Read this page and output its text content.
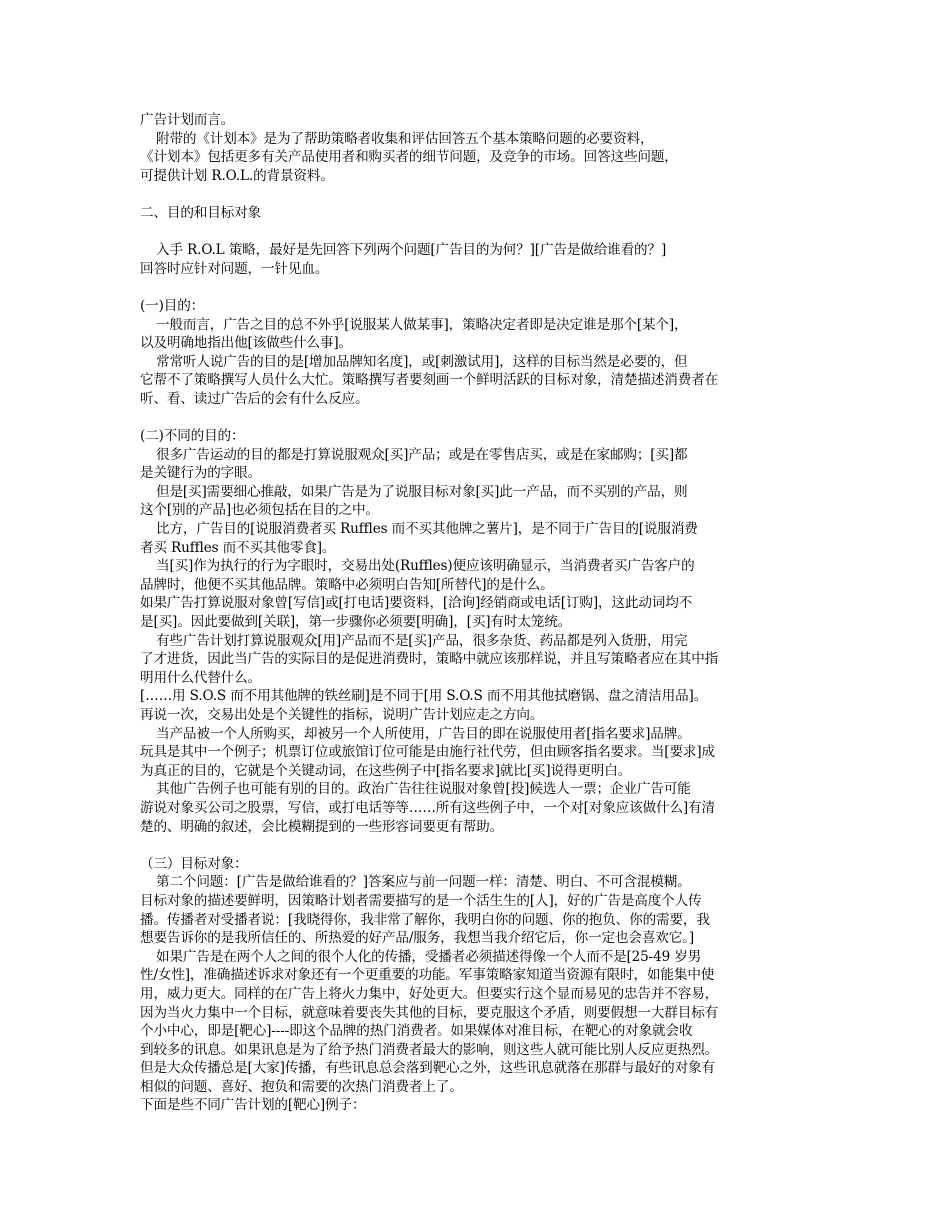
广告计划而言。
附带的《计划本》是为了帮助策略者收集和评估回答五个基本策略问题的必要资料，
《计划本》包括更多有关产品使用者和购买者的细节问题，及竞争的市场。回答这些问题，
可提供计划 R.O.L.的背景资料。
二、目的和目标对象
入手 R.O.L 策略，最好是先回答下列两个问题[广告目的为何？][广告是做给谁看的？]
回答时应针对问题，一针见血。
(一)目的：
一般而言，广告之目的总不外乎[说服某人做某事]，策略决定者即是决定谁是那个[某个]，
以及明确地指出他[该做些什么事]。
常常听人说广告的目的是[增加品牌知名度]，或[刺激试用]，这样的目标当然是必要的，但
它帮不了策略撰写人员什么大忙。策略撰写者要刻画一个鲜明活跃的目标对象，清楚描述消费者在
听、看、读过广告后的会有什么反应。
(二)不同的目的：
很多广告运动的目的都是打算说服观众[买]产品；或是在零售店买，或是在家邮购；[买]都
是关键行为的字眼。
但是[买]需要细心推敲，如果广告是为了说服目标对象[买]此一产品，而不买别的产品，则
这个[别的产品]也必须包括在目的之中。
比方，广告目的[说服消费者买 Ruffles 而不买其他牌之薯片]，是不同于广告目的[说服消费
者买 Ruffles 而不买其他零食]。
当[买]作为执行的行为字眼时，交易出处(Ruffles)便应该明确显示，当消费者买广告客户的
品牌时，他便不买其他品牌。策略中必须明白告知[所替代]的是什么。
如果广告打算说服对象曾[写信]或[打电话]要资料，[洽询]经销商或电话[订购]，这此动词均不
是[买]。因此要做到[关联]，第一步骤你必须要[明确]，[买]有时太笼统。
有些广告计划打算说服观众[用]产品而不是[买]产品，很多杂货、药品都是列入货册，用完
了才进货，因此当广告的实际目的是促进消费时，策略中就应该那样说，并且写策略者应在其中指
明用什么代替什么。
[……用 S.O.S 而不用其他牌的铁丝刷]是不同于[用 S.O.S 而不用其他拭磨锅、盘之清洁用品]。
再说一次，交易出处是个关键性的指标，说明广告计划应走之方向。
当产品被一个人所购买，却被另一个人所使用，广告目的即在说服使用者[指名要求]品牌。
玩具是其中一个例子；机票订位或旅馆订位可能是由施行社代劳，但由顾客指名要求。当[要求]成
为真正的目的，它就是个关键动词，在这些例子中[指名要求]就比[买]说得更明白。
其他广告例子也可能有别的目的。政治广告往往说服对象曾[投]候选人一票；企业广告可能
游说对象买公司之股票，写信，或打电话等等……所有这些例子中，一个对[对象应该做什么]有清
楚的、明确的叙述，会比模糊提到的一些形容词要更有帮助。
（三）目标对象：
第二个问题：[广告是做给谁看的？]答案应与前一问题一样：清楚、明白、不可含混模糊。
目标对象的描述要鲜明，因策略计划者需要描写的是一个活生生的[人]，好的广告是高度个人传
播。传播者对受播者说：[我晓得你，我非常了解你，我明白你的问题、你的抱负、你的需要，我
想要告诉你的是我所信任的、所热爱的好产品/服务，我想当我介绍它后，你一定也会喜欢它。]
如果广告是在两个人之间的很个人化的传播，受播者必须描述得像一个人而不是[25-49 岁男
性/女性]，准确描述诉求对象还有一个更重要的功能。军事策略家知道当资源有限时，如能集中使
用，威力更大。同样的在广告上将火力集中，好处更大。但要实行这个显而易见的忠告并不容易，
因为当火力集中一个目标，就意味着要丧失其他的目标，要克服这个矛盾，则要假想一大群目标有
个小中心，即是[靶心]----即这个品牌的热门消费者。如果媒体对准目标，在靶心的对象就会收
到较多的讯息。如果讯息是为了给予热门消费者最大的影响，则这些人就可能比别人反应更热烈。
但是大众传播总是[大家]传播，有些讯息总会落到靶心之外，这些讯息就落在那群与最好的对象有
相似的问题、喜好、抱负和需要的次热门消费者上了。
下面是些不同广告计划的[靶心]例子：
